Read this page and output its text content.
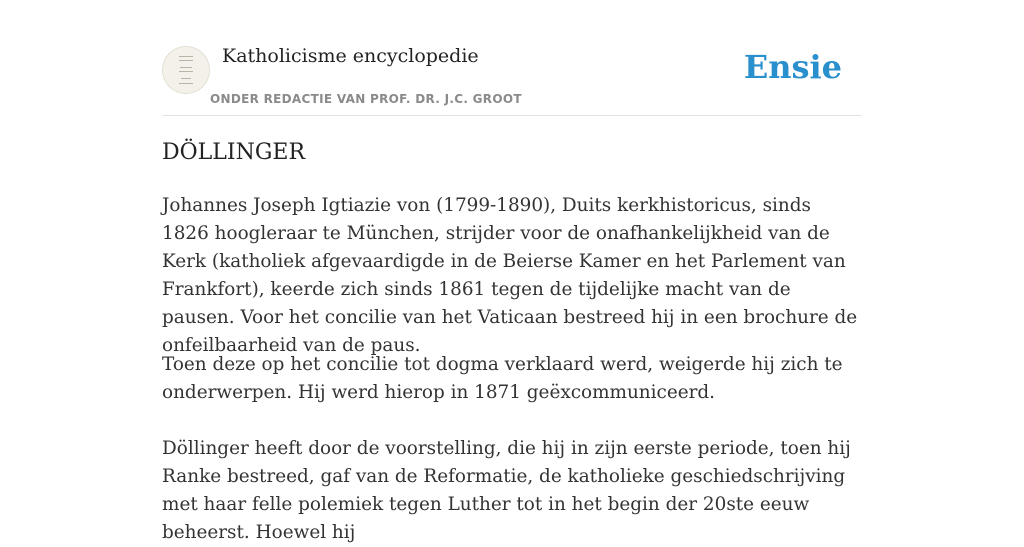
Katholicisme encyclopedie
ONDER REDACTIE VAN PROF. DR. J.C. GROOT
Ensie
DÖLLINGER

Johannes Joseph Igtiazie von (1799-1890), Duits kerkhistoricus, sinds 1826 hoogleraar te München, strijder voor de onafhankelijkheid van de Kerk (katholiek afgevaardigde in de Beierse Kamer en het Parlement van Frankfort), keerde zich sinds 1861 tegen de tijdelijke macht van de pausen. Voor het concilie van het Vaticaan bestreed hij in een brochure de onfeilbaarheid van de paus.

Toen deze op het concilie tot dogma verklaard werd, weigerde hij zich te onderwerpen. Hij werd hierop in 1871 geëxcommuniceerd.

Döllinger heeft door de voorstelling, die hij in zijn eerste periode, toen hij Ranke bestreed, gaf van de Reformatie, de katholieke geschiedschrijving met haar felle polemiek tegen Luther tot in het begin der 20ste eeuw beheerst. Hoewel hij
